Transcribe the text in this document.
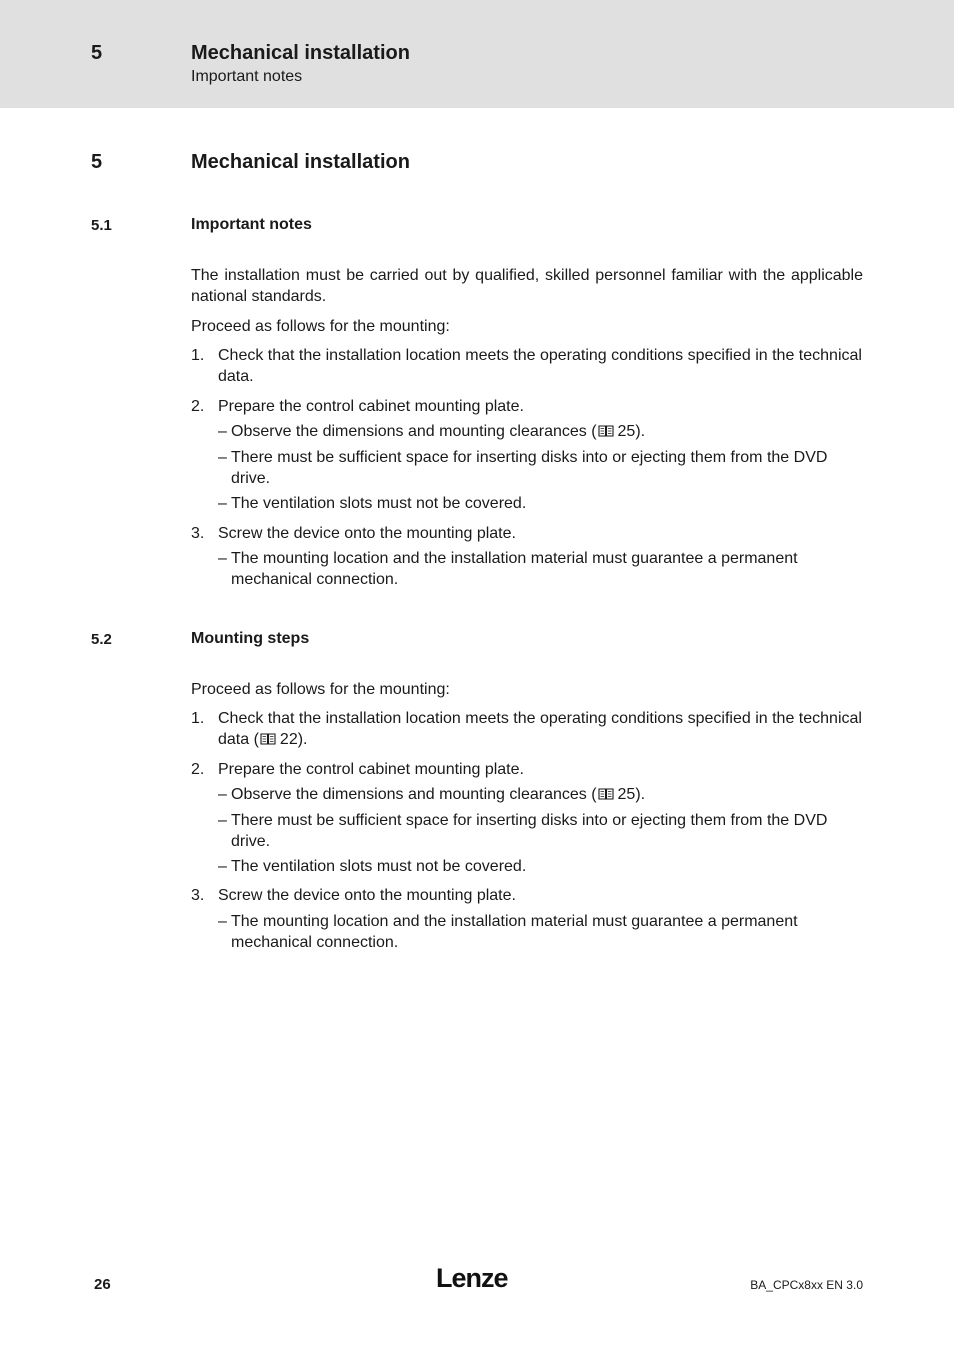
5	Mechanical installation
Important notes
5	Mechanical installation
5.1	Important notes
The installation must be carried out by qualified, skilled personnel familiar with the applicable national standards.
Proceed as follows for the mounting:
1. Check that the installation location meets the operating conditions specified in the technical data.
2. Prepare the control cabinet mounting plate.
– Observe the dimensions and mounting clearances ( 25).
– There must be sufficient space for inserting disks into or ejecting them from the DVD drive.
– The ventilation slots must not be covered.
3. Screw the device onto the mounting plate.
– The mounting location and the installation material must guarantee a permanent mechanical connection.
5.2	Mounting steps
Proceed as follows for the mounting:
1. Check that the installation location meets the operating conditions specified in the technical data ( 22).
2. Prepare the control cabinet mounting plate.
– Observe the dimensions and mounting clearances ( 25).
– There must be sufficient space for inserting disks into or ejecting them from the DVD drive.
– The ventilation slots must not be covered.
3. Screw the device onto the mounting plate.
– The mounting location and the installation material must guarantee a permanent mechanical connection.
26	Lenze	BA_CPCx8xx EN 3.0
